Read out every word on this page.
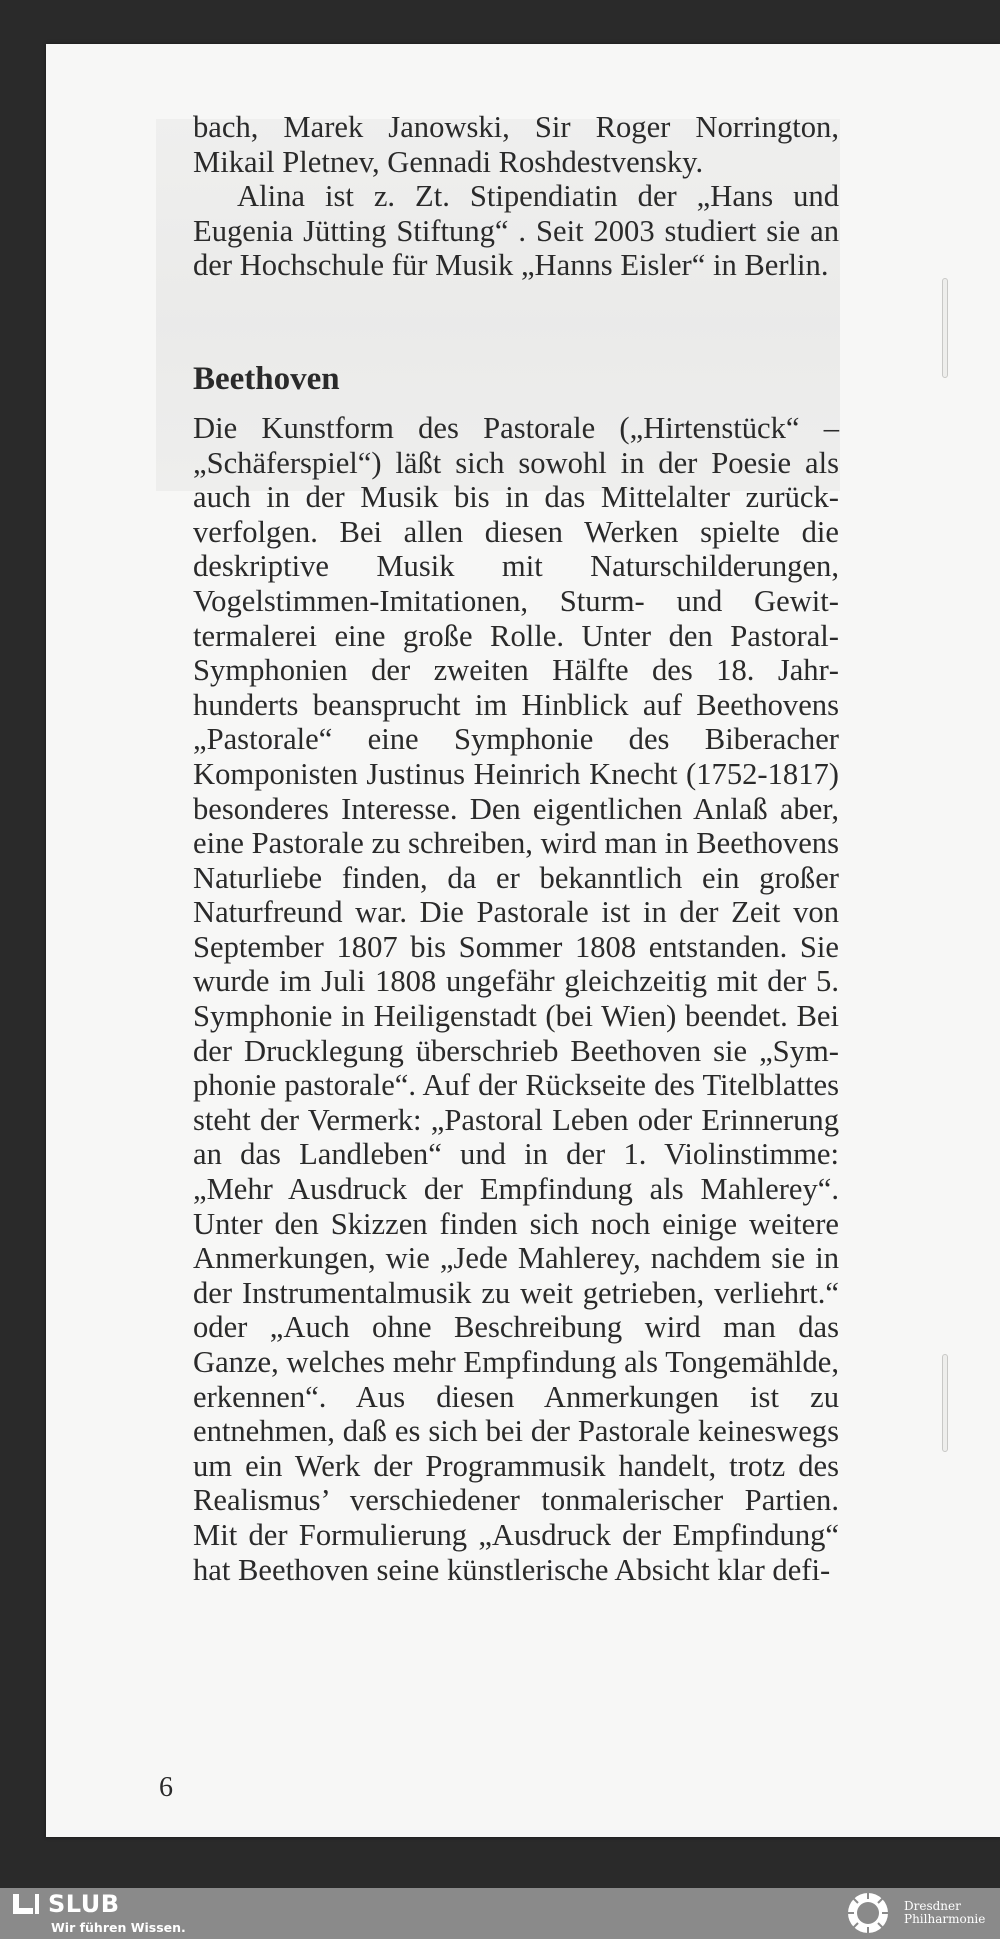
6

bach, Marek Janowski, Sir Roger Norrington, Mikail Pletnev, Gennadi Roshdestvensky.

Alina ist z. Zt. Stipendiatin der „Hans und Eugenia Jütting Stiftung“ . Seit 2003 studiert sie an der Hochschule für Musik „Hanns Eisler“ in Berlin.

Beethoven

Die Kunstform des Pastorale („Hirtenstück“ – „Schäferspiel“) läßt sich sowohl in der Poesie als auch in der Musik bis in das Mittelalter zurückverfolgen. Bei allen diesen Werken spielte die deskriptive Musik mit Naturschilderungen, Vogelstimmen-Imitationen, Sturm- und Gewittermalerei eine große Rolle. Unter den Pastoral-Symphonien der zweiten Hälfte des 18. Jahrhunderts beansprucht im Hinblick auf Beethovens „Pastorale“ eine Symphonie des Biberacher Komponisten Justinus Heinrich Knecht (1752-1817) besonderes Interesse. Den eigentlichen Anlaß aber, eine Pastorale zu schreiben, wird man in Beethovens Naturliebe finden, da er bekanntlich ein großer Naturfreund war. Die Pastorale ist in der Zeit von September 1807 bis Sommer 1808 entstanden. Sie wurde im Juli 1808 ungefähr gleichzeitig mit der 5. Symphonie in Heiligenstadt (bei Wien) beendet. Bei der Drucklegung überschrieb Beethoven sie „Symphonie pastorale“. Auf der Rückseite des Titelblattes steht der Vermerk: „Pastoral Leben oder Erinnerung an das Landleben“ und in der 1. Violinstimme: „Mehr Ausdruck der Empfindung als Mahlerey“. Unter den Skizzen finden sich noch einige weitere Anmerkungen, wie „Jede Mahlerey, nachdem sie in der Instrumentalmusik zu weit getrieben, verliehrt.“ oder „Auch ohne Beschreibung wird man das Ganze, welches mehr Empfindung als Tongemählde, erkennen“. Aus diesen Anmerkungen ist zu entnehmen, daß es sich bei der Pastorale keineswegs um ein Werk der Programmusik handelt, trotz des Realismus’ verschiedener tonmalerischer Partien. Mit der Formulierung „Ausdruck der Empfindung“ hat Beethoven seine künstlerische Absicht klar defi-

SLUB
Wir führen Wissen.
Dresdner
Philharmonie
